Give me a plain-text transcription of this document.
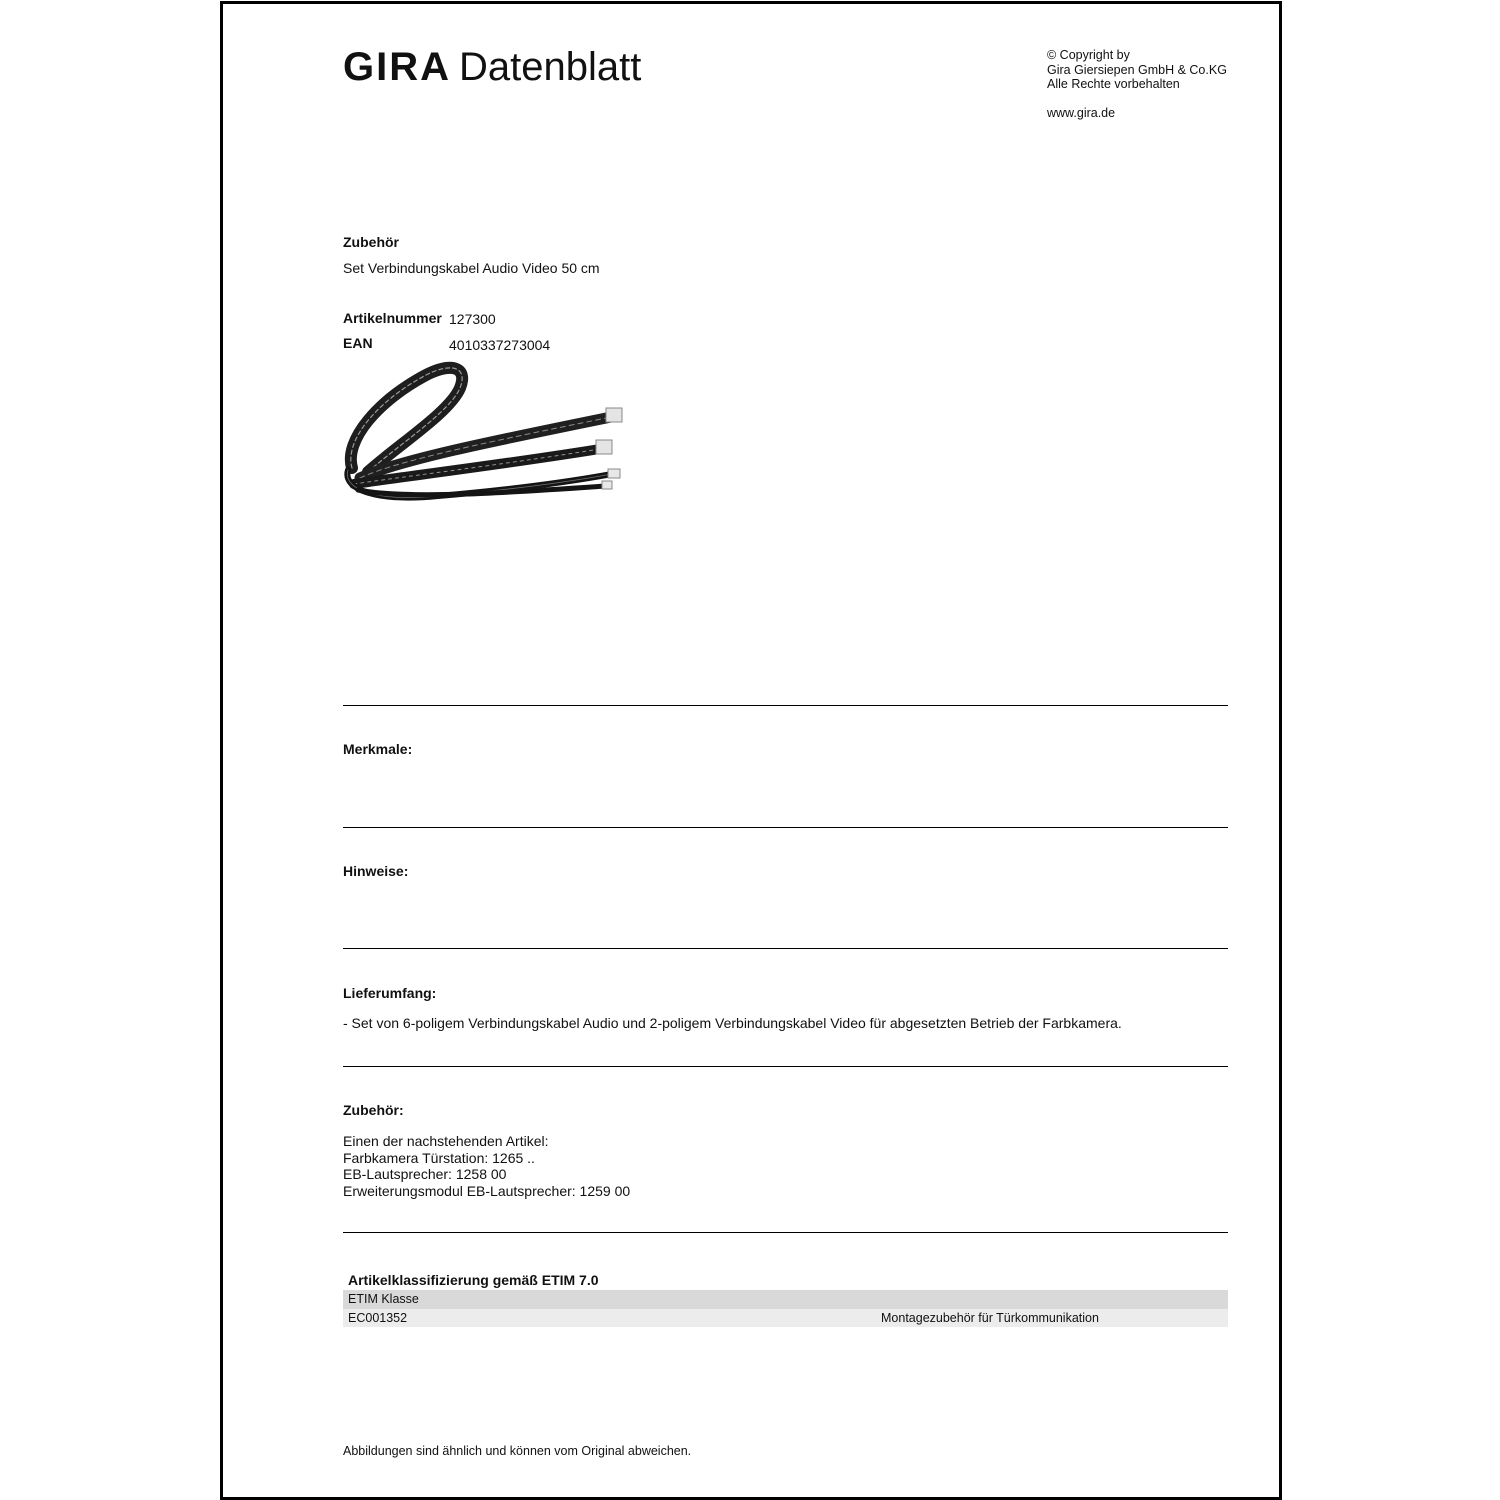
GIRA Datenblatt	© Copyright by
Gira Giersiepen GmbH & Co.KG
Alle Rechte vorbehalten
www.gira.de
Zubehör
Set Verbindungskabel Audio Video 50 cm
Artikelnummer 127300
EAN	4010337273004
Merkmale:
Hinweise:
Lieferumfang:
- Set von 6-poligem Verbindungskabel Audio und 2-poligem Verbindungskabel Video für abgesetzten Betrieb der Farbkamera.
Zubehör:
Einen der nachstehenden Artikel:
Farbkamera Türstation: 1265 ..
EB-Lautsprecher: 1258 00
Erweiterungsmodul EB-Lautsprecher: 1259 00
Artikelklassifizierung gemäß ETIM 7.0
ETIM Klasse
EC001352	Montagezubehör für Türkommunikation
Abbildungen sind ähnlich und können vom Original abweichen.
